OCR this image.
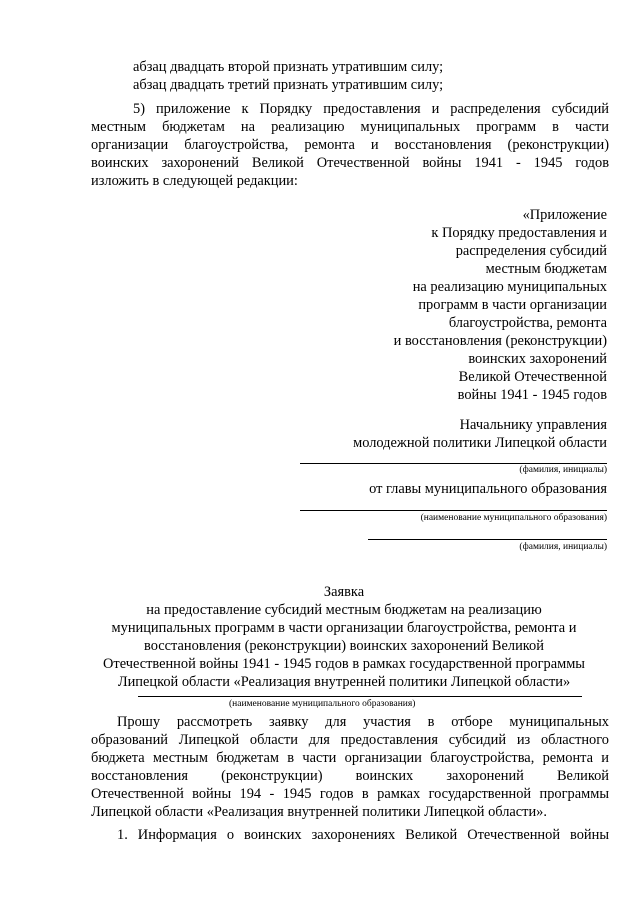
абзац двадцать второй признать утратившим силу;
абзац двадцать третий признать утратившим силу;
5) приложение к Порядку предоставления и распределения субсидий
местным бюджетам на реализацию муниципальных программ в части
организации благоустройства, ремонта и восстановления (реконструкции)
воинских захоронений Великой Отечественной войны 1941 - 1945 годов
изложить в следующей редакции:
«Приложение
к Порядку предоставления и
распределения субсидий
местным бюджетам
на реализацию муниципальных
программ в части организации
благоустройства, ремонта
и восстановления (реконструкции)
воинских захоронений
Великой Отечественной
войны 1941 - 1945 годов
Начальнику управления
молодежной политики Липецкой области
(фамилия, инициалы)
от главы муниципального образования
(наименование муниципального образования)
(фамилия, инициалы)
Заявка
на предоставление субсидий местным бюджетам на реализацию
муниципальных программ в части организации благоустройства, ремонта и
восстановления (реконструкции) воинских захоронений Великой
Отечественной войны 1941 - 1945 годов в рамках государственной программы
Липецкой области «Реализация внутренней политики Липецкой области»
(наименование муниципального образования)
Прошу рассмотреть заявку для участия в отборе муниципальных
образований Липецкой области для предоставления субсидий из областного
бюджета местным бюджетам в части организации благоустройства, ремонта и
восстановления (реконструкции) воинских захоронений Великой
Отечественной войны 194 - 1945 годов в рамках государственной программы
Липецкой области «Реализация внутренней политики Липецкой области».
1. Информация о воинских захоронениях Великой Отечественной войны
